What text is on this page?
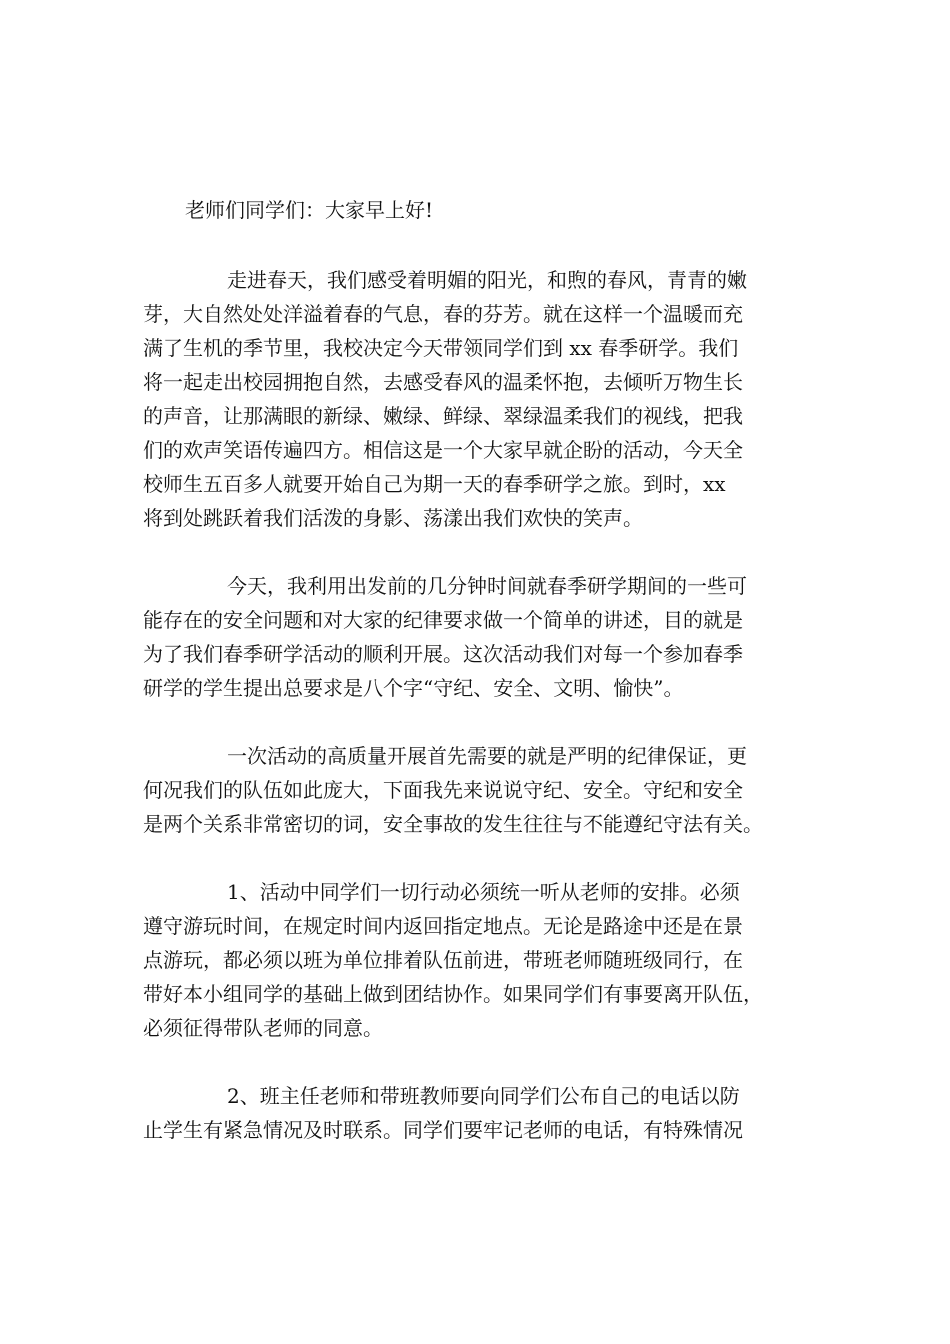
老师们同学们：大家早上好!
走进春天，我们感受着明媚的阳光，和煦的春风，青青的嫩
芽，大自然处处洋溢着春的气息，春的芬芳。就在这样一个温暖而充
满了生机的季节里，我校决定今天带领同学们到 xx 春季研学。我们
将一起走出校园拥抱自然，去感受春风的温柔怀抱，去倾听万物生长
的声音，让那满眼的新绿、嫩绿、鲜绿、翠绿温柔我们的视线，把我
们的欢声笑语传遍四方。相信这是一个大家早就企盼的活动，今天全
校师生五百多人就要开始自己为期一天的春季研学之旅。到时，xx
将到处跳跃着我们活泼的身影、荡漾出我们欢快的笑声。
今天，我利用出发前的几分钟时间就春季研学期间的一些可
能存在的安全问题和对大家的纪律要求做一个简单的讲述，目的就是
为了我们春季研学活动的顺利开展。这次活动我们对每一个参加春季
研学的学生提出总要求是八个字“守纪、安全、文明、愉快”。
一次活动的高质量开展首先需要的就是严明的纪律保证，更
何况我们的队伍如此庞大，下面我先来说说守纪、安全。守纪和安全
是两个关系非常密切的词，安全事故的发生往往与不能遵纪守法有关。
1、活动中同学们一切行动必须统一听从老师的安排。必须
遵守游玩时间，在规定时间内返回指定地点。无论是路途中还是在景
点游玩，都必须以班为单位排着队伍前进，带班老师随班级同行，在
带好本小组同学的基础上做到团结协作。如果同学们有事要离开队伍，
必须征得带队老师的同意。
2、班主任老师和带班教师要向同学们公布自己的电话以防
止学生有紧急情况及时联系。同学们要牢记老师的电话，有特殊情况
